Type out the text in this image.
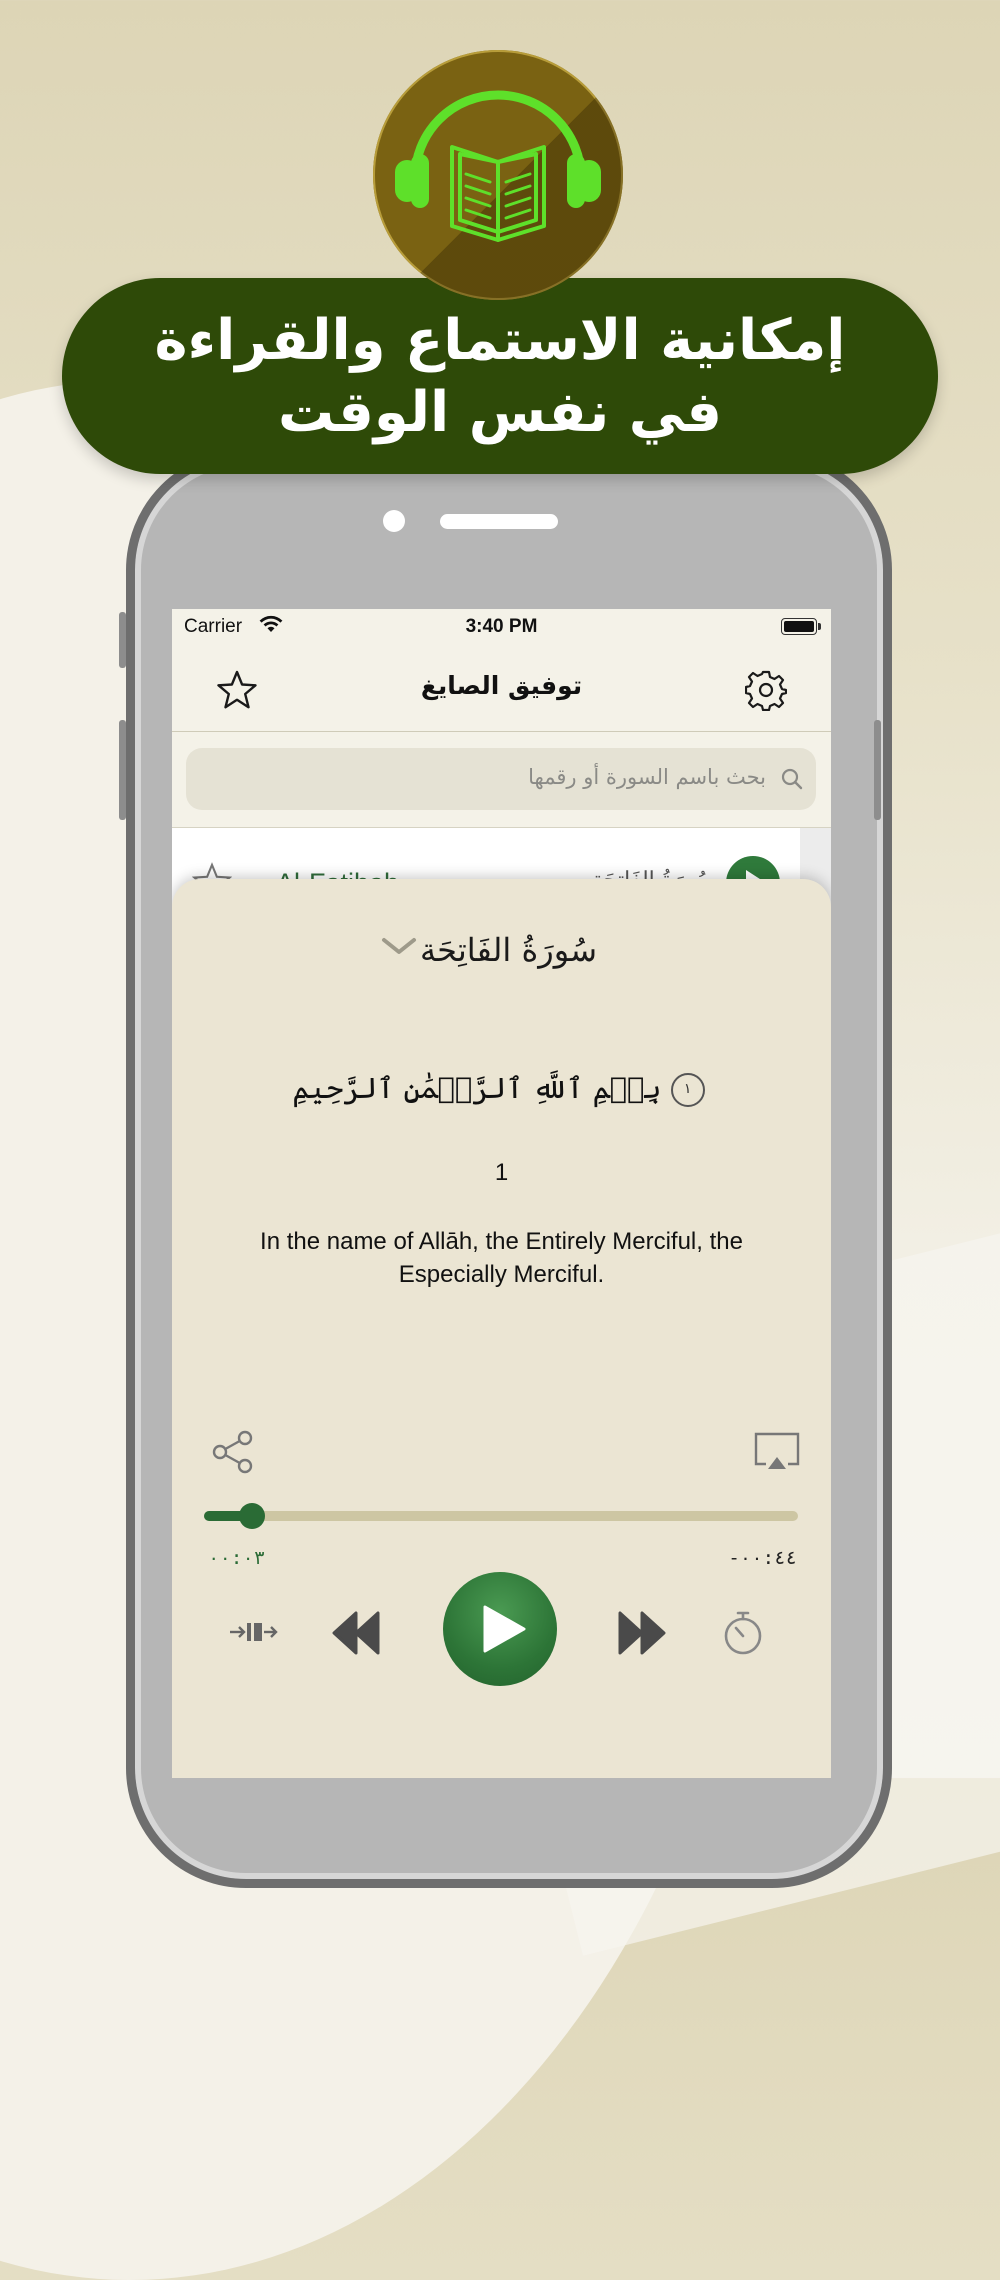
Carrier	3:40 PM
توفيق الصايغ
بحث باسم السورة أو رقمها
سُورَةُ الفَاتِحَة
بِسۡمِ ٱللَّهِ ٱلرَّحۡمَٰنِ ٱلرَّحِيمِ ١
1
In the name of Allāh, the Entirely Merciful, the Especially Merciful.
٠٠:٠٣	-٠٠:٤٤
إمكانية الاستماع والقراءة
في نفس الوقت
